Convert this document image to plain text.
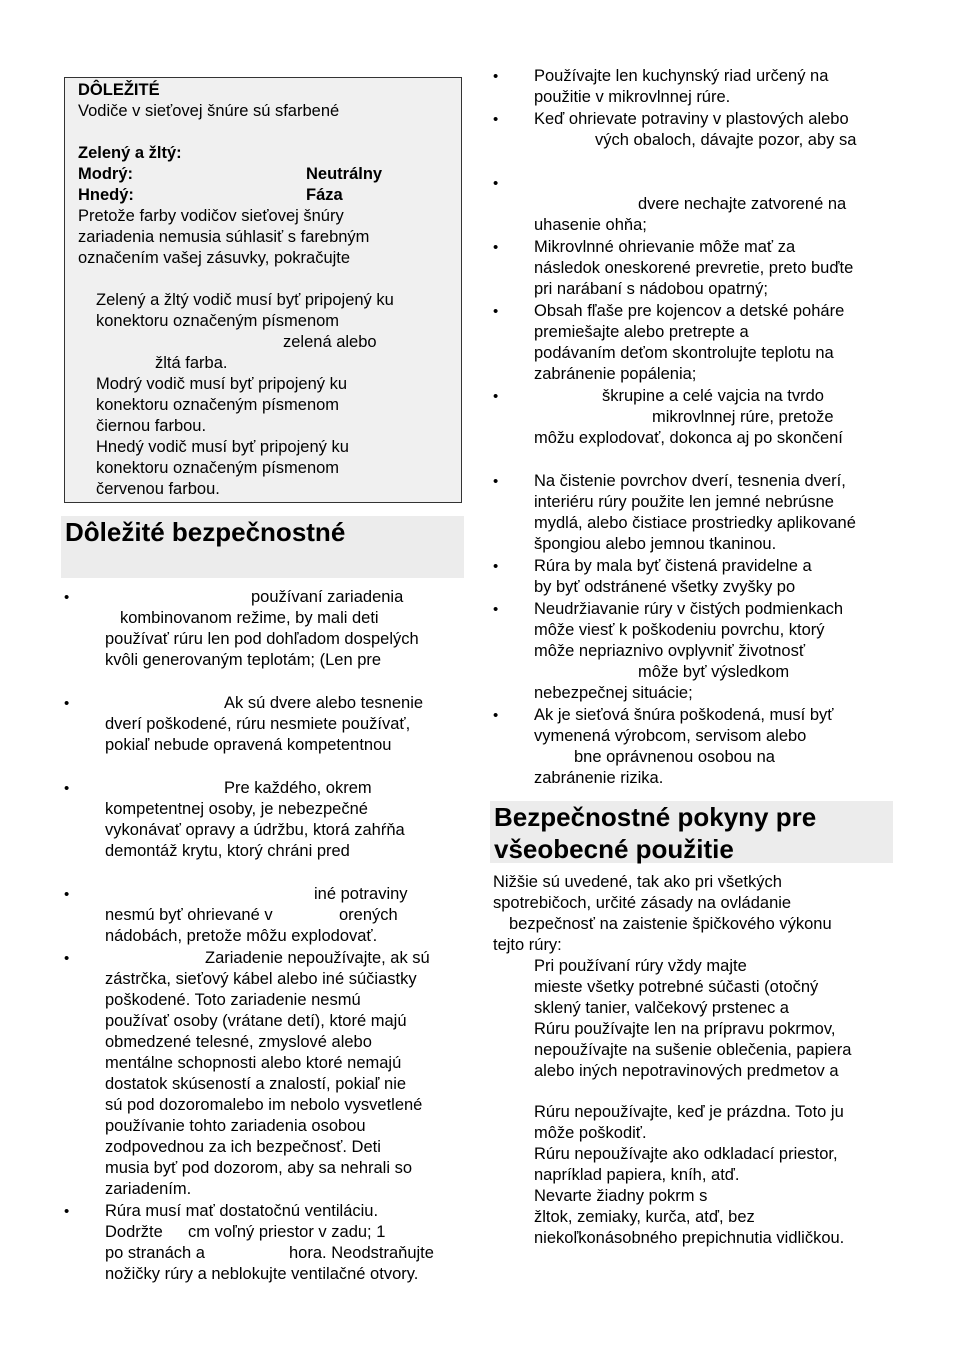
DÔLEŽITÉ
Vodiče v sieťovej šnúre sú sfarbené
Zelený a žltý:
Modrý:	Neutrálny
Hnedý:	Fáza
Pretože farby vodičov sieťovej šnúry
zariadenia nemusia súhlasiť s farebným
označením vašej zásuvky, pokračujte
Zelený a žltý vodič musí byť pripojený ku
konektoru označeným písmenom
zelená alebo
žltá farba.
Modrý vodič musí byť pripojený ku
konektoru označeným písmenom
čiernou farbou.
Hnedý vodič musí byť pripojený ku
konektoru označeným písmenom
červenou farbou.
Dôležité bezpečnostné
•	používaní zariadenia
kombinovanom režime, by mali deti
používať rúru len pod dohľadom dospelých
kvôli generovaným teplotám; (Len pre
•	Ak sú dvere alebo tesnenie
dverí poškodené, rúru nesmiete používať,
pokiaľ nebude opravená kompetentnou
•	Pre každého, okrem
kompetentnej osoby, je nebezpečné
vykonávať opravy a údržbu, ktorá zahŕňa
demontáž krytu, ktorý chráni pred
•	iné potraviny
nesmú byť ohrievané v	orených
nádobách, pretože môžu explodovať.
•	Zariadenie nepoužívajte, ak sú
zástrčka, sieťový kábel alebo iné súčiastky
poškodené. Toto zariadenie nesmú
používať osoby (vrátane detí), ktoré majú
obmedzené telesné, zmyslové alebo
mentálne schopnosti alebo ktoré nemajú
dostatok skúseností a znalostí, pokiaľ nie
sú pod dozoromalebo im nebolo vysvetlené
používanie tohto zariadenia osobou
zodpovednou za ich bezpečnosť. Deti
musia byť pod dozorom, aby sa nehrali so
zariadením.
• Rúra musí mať dostatočnú ventiláciu.
Dodržte cm voľný priestor v zadu; 1
po stranách a	hora. Neodstraňujte
nožičky rúry a neblokujte ventilačné otvory.
• Používajte len kuchynský riad určený na
použitie v mikrovlnnej rúre.
• Keď ohrievate potraviny v plastových alebo
vých obaloch, dávajte pozor, aby sa
•
dvere nechajte zatvorené na
uhasenie ohňa;
• Mikrovlnné ohrievanie môže mať za
následok oneskorené prevretie, preto buďte
pri narábaní s nádobou opatrný;
• Obsah fľaše pre kojencov a detské poháre
premiešajte alebo pretrepte a
podávaním deťom skontrolujte teplotu na
zabránenie popálenia;
•	škrupine a celé vajcia na tvrdo
mikrovlnnej rúre, pretože
môžu explodovať, dokonca aj po skončení
• Na čistenie povrchov dverí, tesnenia dverí,
interiéru rúry použite len jemné nebrúsne
mydlá, alebo čistiace prostriedky aplikované
špongiou alebo jemnou tkaninou.
• Rúra by mala byť čistená pravidelne a
by byť odstránené všetky zvyšky po
• Neudržiavanie rúry v čistých podmienkach
môže viesť k poškodeniu povrchu, ktorý
môže nepriaznivo ovplyvniť životnosť
môže byť výsledkom
nebezpečnej situácie;
• Ak je sieťová šnúra poškodená, musí byť
vymenená výrobcom, servisom alebo
bne oprávnenou osobou na
zabránenie rizika.
Bezpečnostné pokyny pre
všeobecné použitie
Nižšie sú uvedené, tak ako pri všetkých
spotrebičoch, určité zásady na ovládanie
bezpečnosť na zaistenie špičkového výkonu
tejto rúry:
Pri používaní rúry vždy majte
mieste všetky potrebné súčasti (otočný
sklený tanier, valčekový prstenec a
Rúru používajte len na prípravu pokrmov,
nepoužívajte na sušenie oblečenia, papiera
alebo iných nepotravinových predmetov a
Rúru nepoužívajte, keď je prázdna. Toto ju
môže poškodiť.
Rúru nepoužívajte ako odkladací priestor,
napríklad papiera, kníh, atď.
Nevarte žiadny pokrm s
žltok, zemiaky, kurča, atď, bez
niekoľkonásobného prepichnutia vidličkou.
